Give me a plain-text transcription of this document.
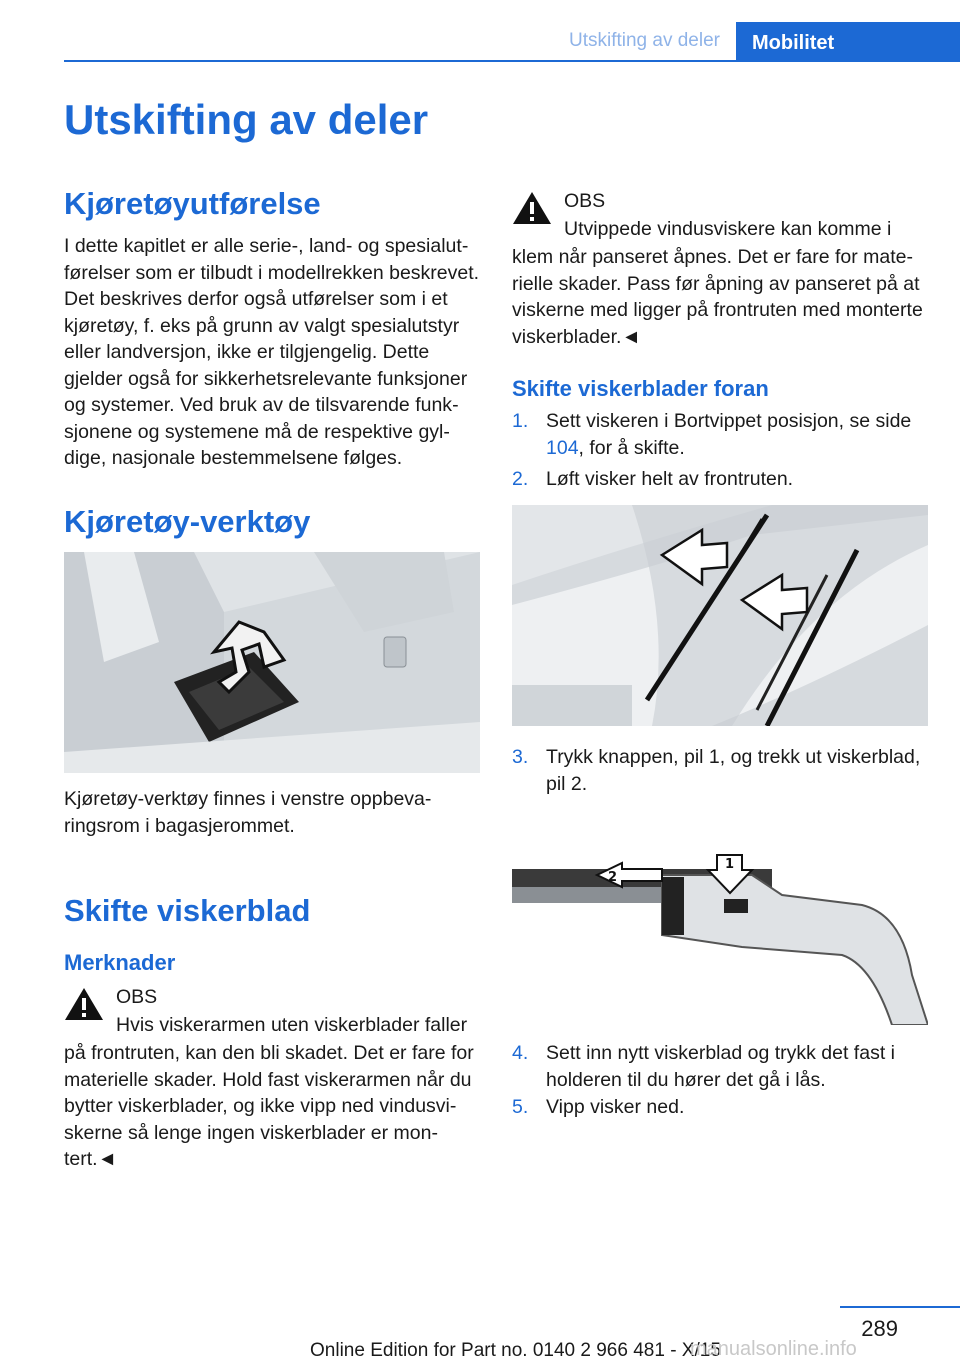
Utskifting av deler	Mobilitet
Utskifting av deler
Kjøretøyutførelse

I dette kapitlet er alle serie-, land- og spesialutførelser som er tilbudt i modellrekken beskrevet. Det beskrives derfor også utførelser som i et kjøretøy, f. eks på grunn av valgt spesialutstyr eller landversjon, ikke er tilgjengelig. Dette gjelder også for sikkerhetsrelevante funksjoner og systemer. Ved bruk av de tilsvarende funksjonene og systemene må de respektive gyldige, nasjonale bestemmelsene følges.

Kjøretøy-verktøy

Kjøretøy-verktøy finnes i venstre oppbevaringsrom i bagasjerommet.

Skifte viskerblad
Merknader
OBS
Hvis viskerarmen uten viskerblader faller
på frontruten, kan den bli skadet. Det er fare for materielle skader. Hold fast viskerarmen når du bytter viskerblader, og ikke vipp ned vindusviskerne så lenge ingen viskerblader er montert.◄
OBS
Utvippede vindusviskere kan komme i
klem når panseret åpnes. Det er fare for materielle skader. Pass før åpning av panseret på at viskerne med ligger på frontruten med monterte viskerblader.◄
Skifte viskerblader foran
1. Sett viskeren i Bortvippet posisjon, se side 104, for å skifte.
2. Løft visker helt av frontruten.
3. Trykk knappen, pil 1, og trekk ut viskerblad, pil 2.
2
1
4. Sett inn nytt viskerblad og trykk det fast i holderen til du hører det gå i lås.
5. Vipp visker ned.
289
Online Edition for Part no. 0140 2 966 481 - X/15
manualsonline.info
